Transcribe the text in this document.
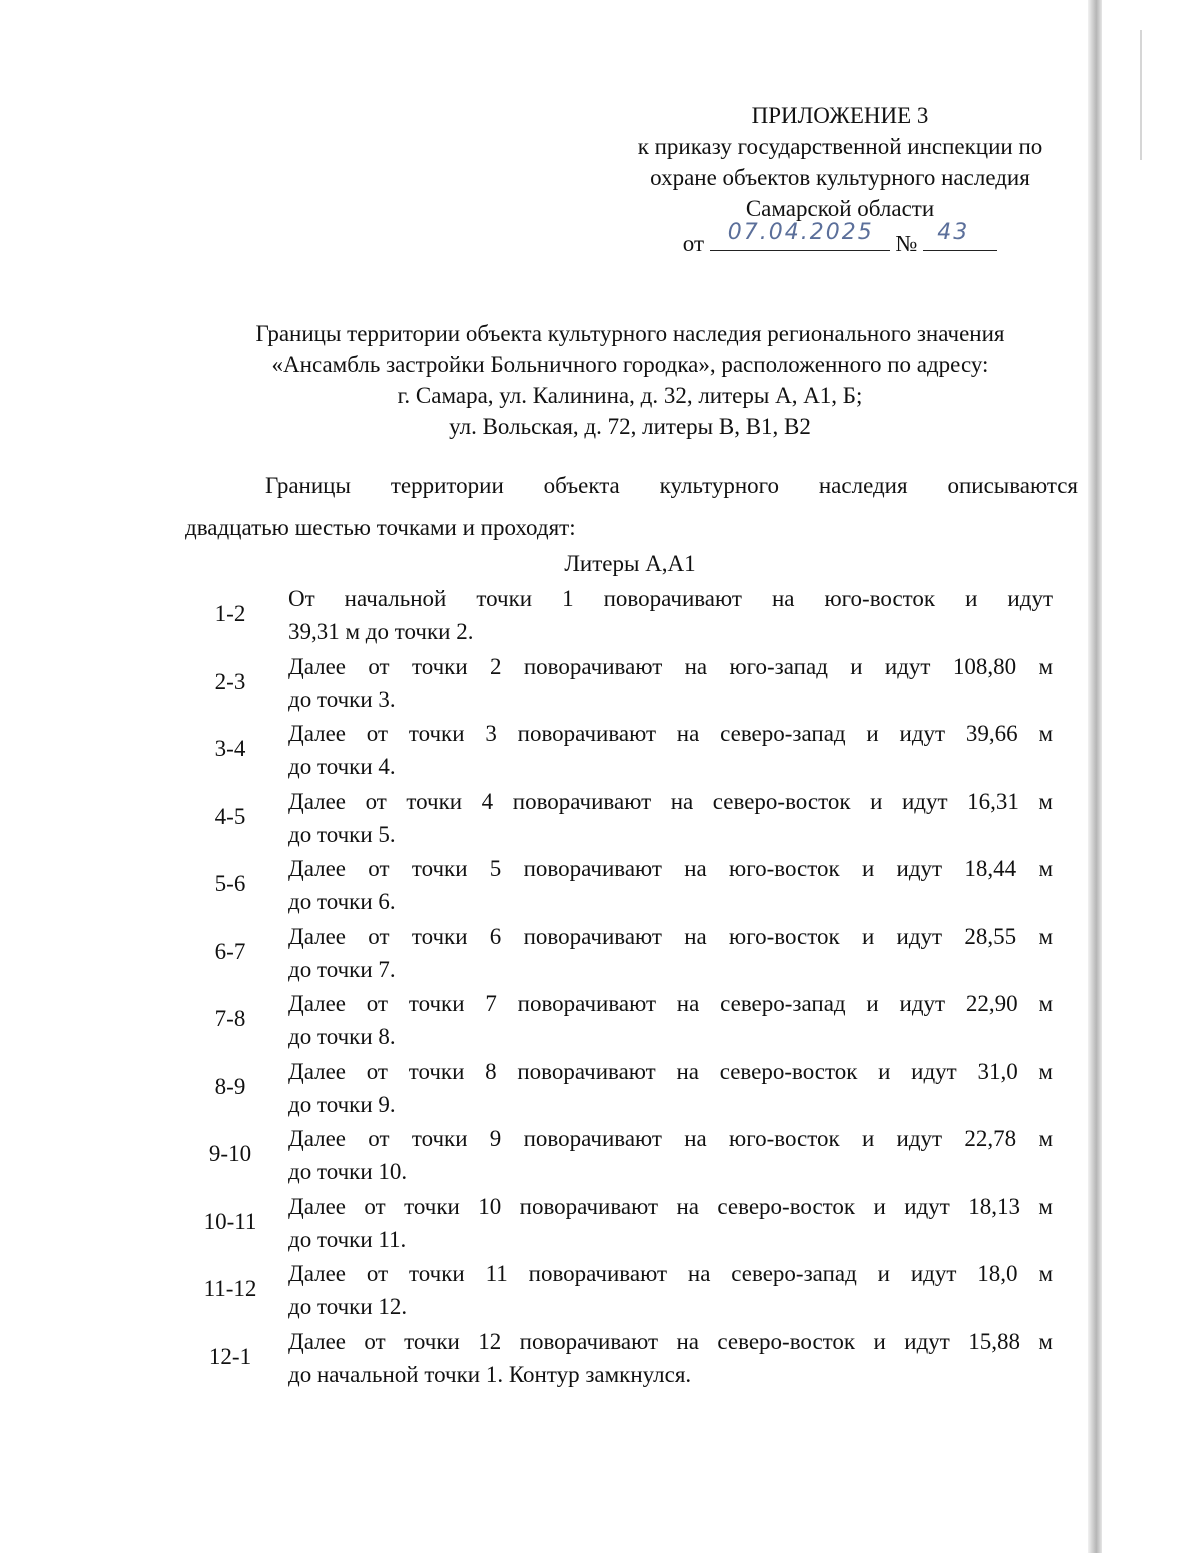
ПРИЛОЖЕНИЕ 3
к приказу государственной инспекции по
охране объектов культурного наследия
Самарской области
от 07.04.2025 № 43
Границы территории объекта культурного наследия регионального значения
«Ансамбль застройки Больничного городка», расположенного по адресу:
г. Самара, ул. Калинина, д. 32, литеры А, А1, Б;
ул. Вольская, д. 72, литеры В, В1, В2

Границы территории объекта культурного наследия описываются

двадцатью шестью точками и проходят:

Литеры А,А1
1-2
От начальной точки 1 поворачивают на юго-восток и идут
39,31 м до точки 2.
2-3
Далее от точки 2 поворачивают на юго-запад и идут 108,80 м
до точки 3.
3-4
Далее от точки 3 поворачивают на северо-запад и идут 39,66 м
до точки 4.
4-5
Далее от точки 4 поворачивают на северо-восток и идут 16,31 м
до точки 5.
5-6
Далее от точки 5 поворачивают на юго-восток и идут 18,44 м
до точки 6.
6-7
Далее от точки 6 поворачивают на юго-восток и идут 28,55 м
до точки 7.
7-8
Далее от точки 7 поворачивают на северо-запад и идут 22,90 м
до точки 8.
8-9
Далее от точки 8 поворачивают на северо-восток и идут 31,0 м
до точки 9.
9-10
Далее от точки 9 поворачивают на юго-восток и идут 22,78 м
до точки 10.
10-11
Далее от точки 10 поворачивают на северо-восток и идут 18,13 м
до точки 11.
11-12
Далее от точки 11 поворачивают на северо-запад и идут 18,0 м
до точки 12.
12-1
Далее от точки 12 поворачивают на северо-восток и идут 15,88 м
до начальной точки 1. Контур замкнулся.
